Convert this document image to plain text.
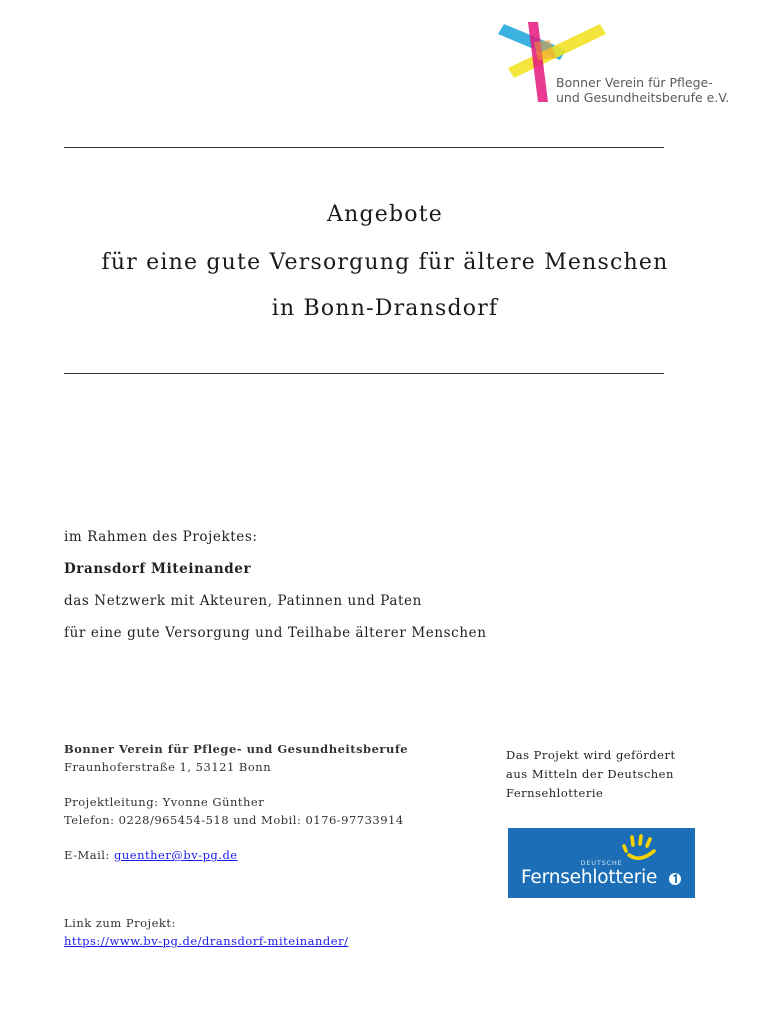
Bonner Verein für Pflege-
und Gesundheitsberufe e.V.
Angebote
für eine gute Versorgung für ältere Menschen
in Bonn-Dransdorf
im Rahmen des Projektes:
Dransdorf Miteinander
das Netzwerk mit Akteuren, Patinnen und Paten
für eine gute Versorgung und Teilhabe älterer Menschen
Bonner Verein für Pflege- und Gesundheitsberufe
Fraunhoferstraße 1, 53121 Bonn
Projektleitung: Yvonne Günther
Telefon: 0228/965454-518 und Mobil: 0176-97733914
E-Mail: guenther@bv-pg.de
Das Projekt wird gefördert
aus Mitteln der Deutschen
Fernsehlotterie
DEUTSCHE
Fernsehlotterie
Link zum Projekt:
https://www.bv-pg.de/dransdorf-miteinander/
